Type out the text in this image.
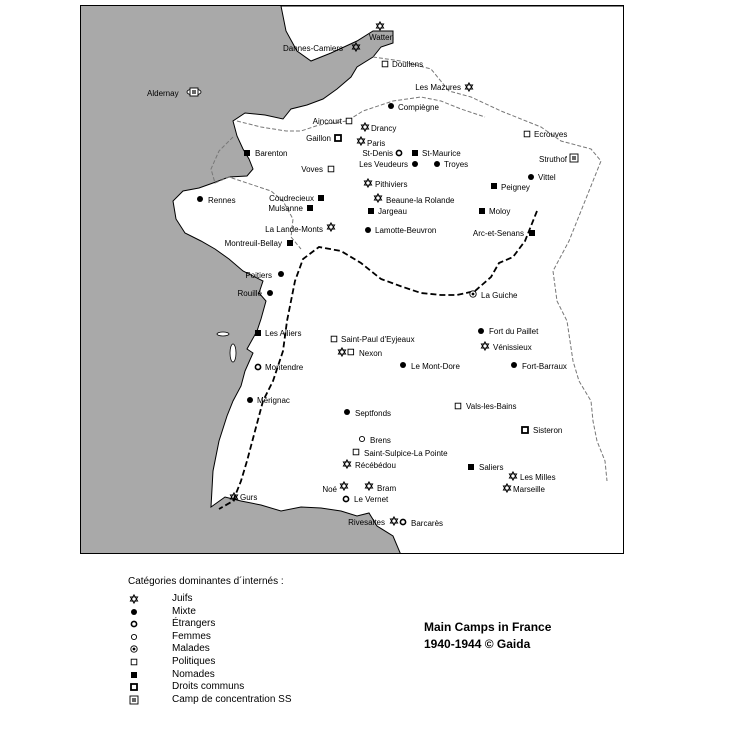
Watten
Doullens
Les Mazures
Compiègne
Aincourt
Drancy
Gaillon
Paris
St-Denis	St-Maurice
Les Veudeurs	Troyes
Ecrouves
Struthof
Barenton
Voves
Vittel
Pithiviers	Peigney
Rennes	Coudrecieux	Beaune-la Rolande
Mulsanne	Jargeau	Moloy
La Lande-Monts	Lamotte-Beuvron	Arc-et-Senans
Montreuil-Bellay
Poitiers
Rouillé	La Guiche
Fort du Paillet
Les Alliers
Saint-Paul d'Eyjeaux
Vénissieux
Nexon
Montendre	Le Mont-Dore	Fort-Barraux
Mérignac
Vals-les-Bains
Septfonds
Sisteron
Brens
Saint-Sulpice-La Pointe
Récébédou	Saliers
Les Milles
Marseille
Noé	Bram
Le Vernet
Gurs
Rivesaltes	Barcarès
Aldernay
Dannes-Camiers
Catégories dominantes d´internés :
Juifs
Mixte
Étrangers
Femmes
Malades
Politiques
Nomades
Droits communs
Camp de concentration SS
Main Camps in France
1940-1944 © Gaida
